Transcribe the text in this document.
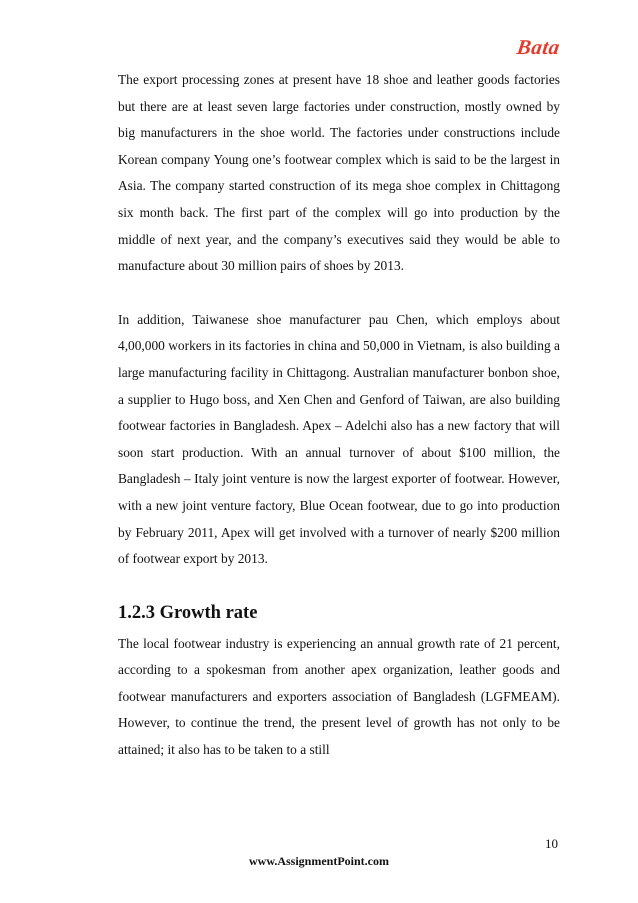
Bata

The export processing zones at present have 18 shoe and leather goods factories but there are at least seven large factories under construction, mostly owned by big manufacturers in the shoe world. The factories under constructions include Korean company Young one’s footwear complex which is said to be the largest in Asia. The company started construction of its mega shoe complex in Chittagong six month back. The first part of the complex will go into production by the middle of next year, and the company’s executives said they would be able to manufacture about 30 million pairs of shoes by 2013.

In addition, Taiwanese shoe manufacturer pau Chen, which employs about 4,00,000 workers in its factories in china and 50,000 in Vietnam, is also building a large manufacturing facility in Chittagong. Australian manufacturer bonbon shoe, a supplier to Hugo boss, and Xen Chen and Genford of Taiwan, are also building footwear factories in Bangladesh. Apex – Adelchi also has a new factory that will soon start production. With an annual turnover of about $100 million, the Bangladesh – Italy joint venture is now the largest exporter of footwear. However, with a new joint venture factory, Blue Ocean footwear, due to go into production by February 2011, Apex will get involved with a turnover of nearly $200 million of footwear export by 2013.

1.2.3 Growth rate

The local footwear industry is experiencing an annual growth rate of 21 percent, according to a spokesman from another apex organization, leather goods and footwear manufacturers and exporters association of Bangladesh (LGFMEAM). However, to continue the trend, the present level of growth has not only to be attained; it also has to be taken to a still

10
www.AssignmentPoint.com
